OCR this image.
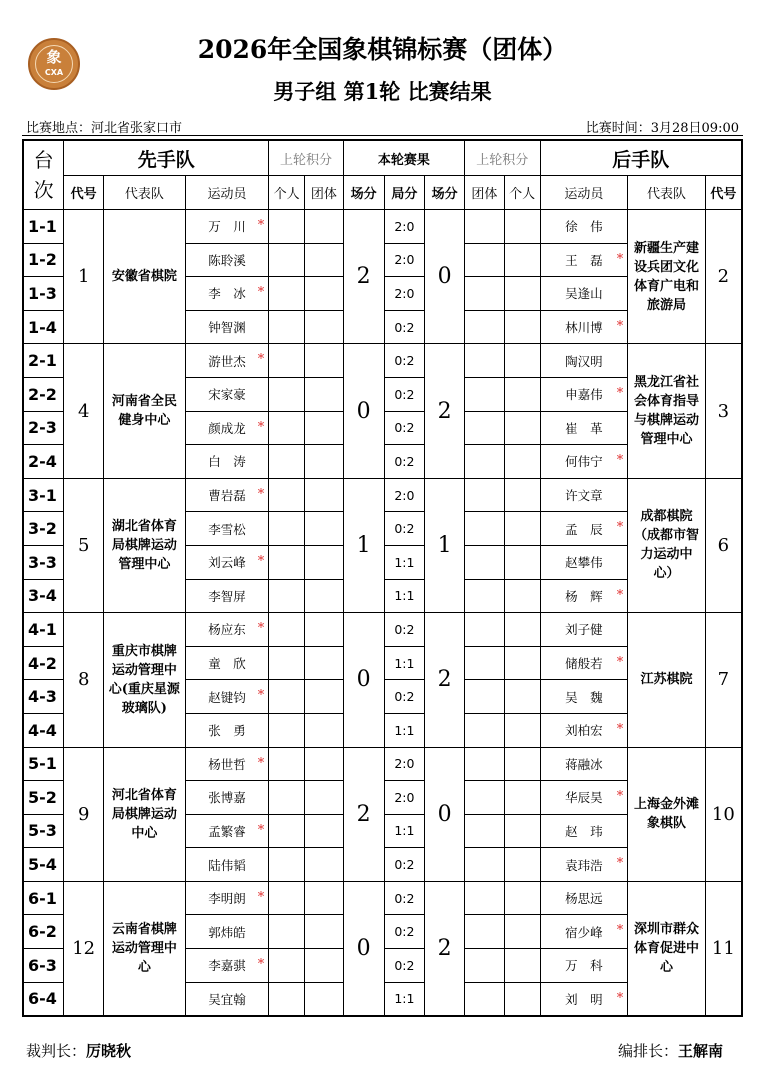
象
CXA
2026年全国象棋锦标赛（团体）
男子组 第1轮 比赛结果
比赛地点：河北省张家口市	比赛时间：3月28日09:00
台次	先手队			上轮积分		本轮赛果			上轮积分		后手队		
	代号	代表队	运动员	个人	团体	场分	局分	场分	团体	个人	运动员	代表队	代号
1-1	1	安徽省棋院	万　川 *			2	2:0	0			徐　伟	新疆生产建设兵团文化体育广电和旅游局	2
1-2			陈聆溪				2:0				王　磊 *		

1-3			李　冰 *				2:0				吴逢山		
1-4			钟智渊				0:2				林川博 *		

2-1	4	河南省全民健身中心	游世杰 *			0	0:2	2			陶汉明	黑龙江省社会体育指导与棋牌运动管理中心	3
2-2			宋家豪				0:2				申嘉伟 *		

2-3			颜成龙 *				0:2				崔　革		
2-4			白　涛				0:2				何伟宁 *		

3-1	5	湖北省体育局棋牌运动管理中心	曹岩磊 *			1	2:0	1			许文章	成都棋院（成都市智力运动中心）	6
3-2			李雪松				0:2				孟　辰 *		

3-3			刘云峰 *				1:1				赵攀伟		
3-4			李智屏				1:1				杨　辉 *		

4-1	8	重庆市棋牌运动管理中心(重庆星源玻璃队)	杨应东 *			0	0:2	2			刘子健	江苏棋院	7
4-2			童　欣				1:1				储般若 *		

4-3			赵键钧 *				0:2				吴　魏		
4-4			张　勇				1:1				刘柏宏 *		

5-1	9	河北省体育局棋牌运动中心	杨世哲 *			2	2:0	0			蒋融冰	上海金外滩象棋队	10
5-2			张博嘉				2:0				华辰昊 *		

5-3			孟繁睿 *				1:1				赵　玮		
5-4			陆伟韬				0:2				袁玮浩 *		

6-1	12	云南省棋牌运动管理中心	李明朗 *			0	0:2	2			杨思远	深圳市群众体育促进中心	11
6-2			郭炜皓				0:2				宿少峰 *		

6-3			李嘉骐 *				0:2				万　科		
6-4			吴宜翰				1:1				刘　明 *		
裁判长：厉晓秋	编排长：王解南
